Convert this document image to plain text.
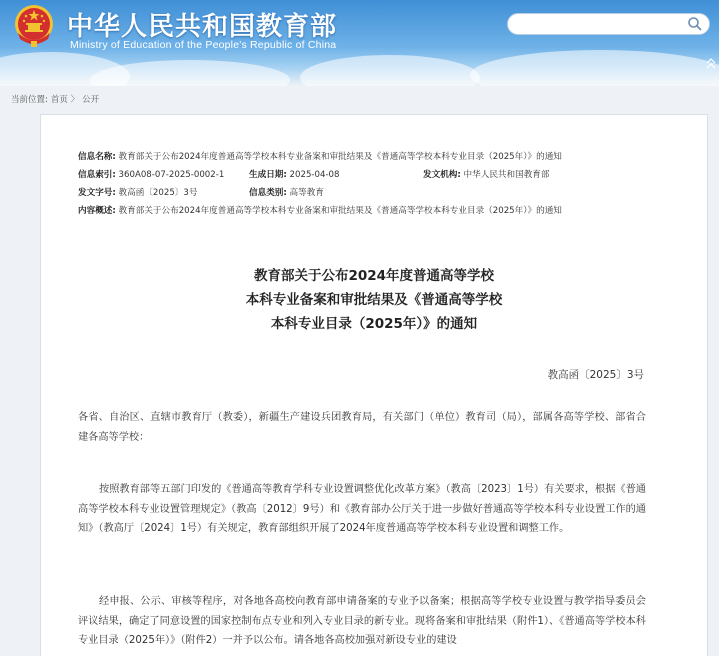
中华人民共和国教育部
Ministry of Education of the People's Republic of China
当前位置: 首页 〉 公开
信息名称: 教育部关于公布2024年度普通高等学校本科专业备案和审批结果及《普通高等学校本科专业目录（2025年）》的通知
信息索引: 360A08-07-2025-0002-1	生成日期: 2025-04-08	发文机构: 中华人民共和国教育部
发文字号: 教高函〔2025〕3号	信息类别: 高等教育
内容概述: 教育部关于公布2024年度普通高等学校本科专业备案和审批结果及《普通高等学校本科专业目录（2025年）》的通知
教育部关于公布2024年度普通高等学校
本科专业备案和审批结果及《普通高等学校
本科专业目录（2025年）》的通知
教高函〔2025〕3号
各省、自治区、直辖市教育厅（教委），新疆生产建设兵团教育局，有关部门（单位）教育司（局），部属各高等学校、部省合建各高等学校：
按照教育部等五部门印发的《普通高等教育学科专业设置调整优化改革方案》（教高〔2023〕1号）有关要求，根据《普通高等学校本科专业设置管理规定》（教高〔2012〕9号）和《教育部办公厅关于进一步做好普通高等学校本科专业设置工作的通知》（教高厅〔2024〕1号）有关规定，教育部组织开展了2024年度普通高等学校本科专业设置和调整工作。
经申报、公示、审核等程序，对各地各高校向教育部申请备案的专业予以备案；根据高等学校专业设置与教学指导委员会评议结果，确定了同意设置的国家控制布点专业和列入专业目录的新专业。现将备案和审批结果（附件1）、《普通高等学校本科专业目录（2025年）》（附件2）一并予以公布。请各地各高校加强对新设专业的建设
